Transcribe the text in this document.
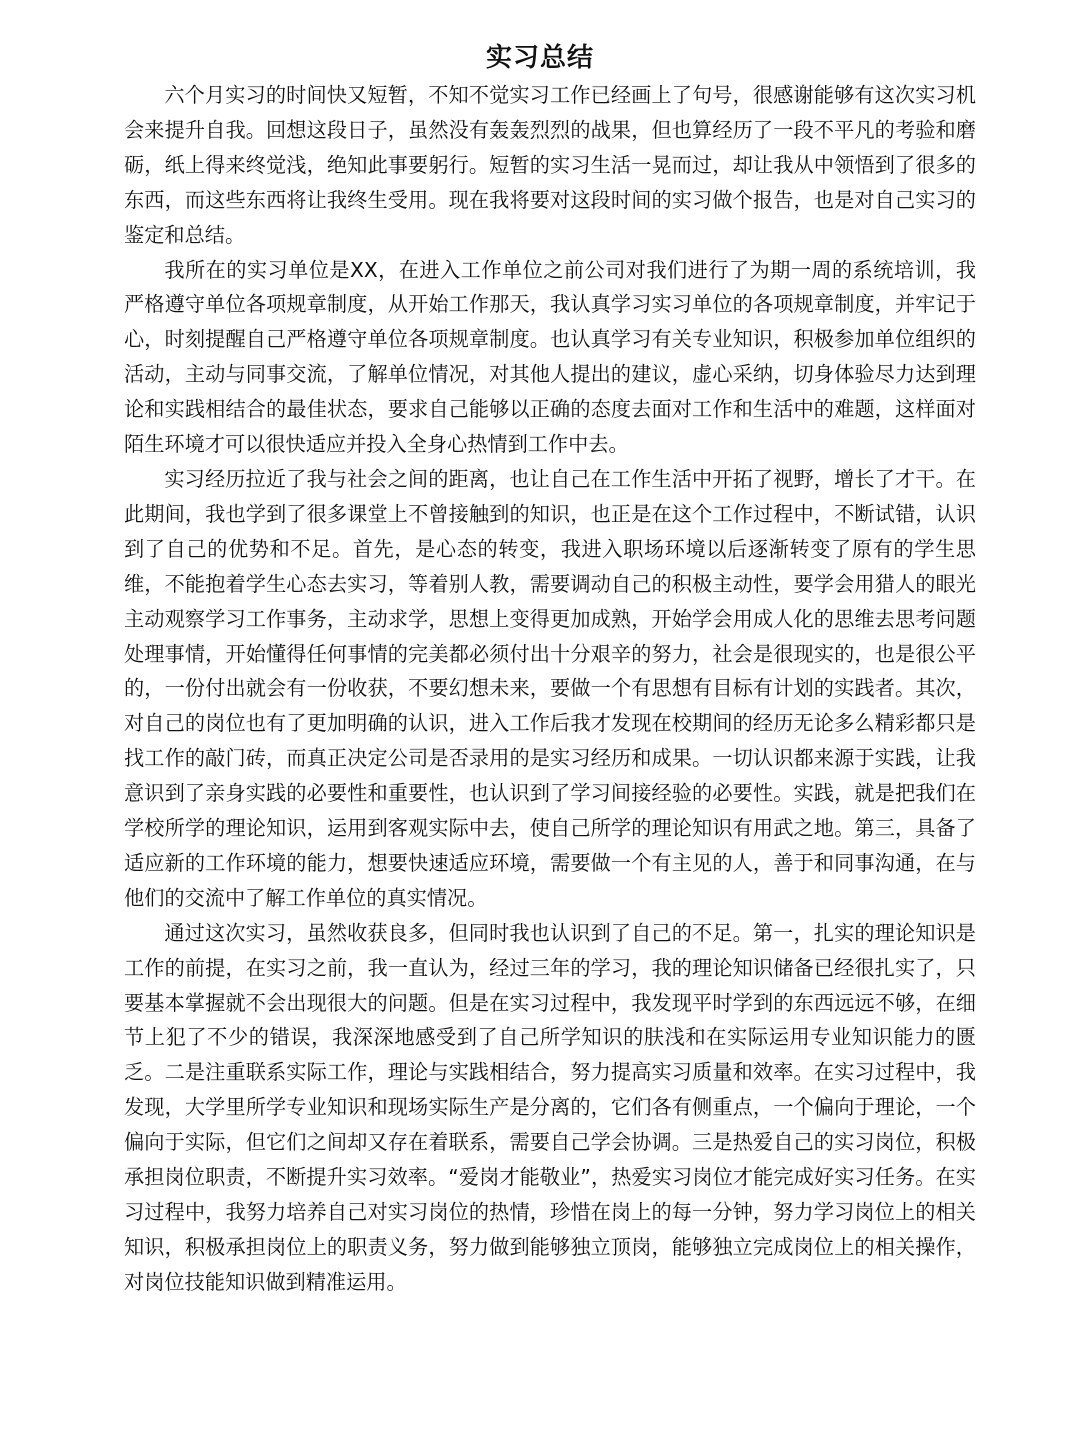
实习总结

六个月实习的时间快又短暂，不知不觉实习工作已经画上了句号，很感谢能够有这次实习机会来提升自我。回想这段日子，虽然没有轰轰烈烈的战果，但也算经历了一段不平凡的考验和磨砺，纸上得来终觉浅，绝知此事要躬行。短暂的实习生活一晃而过，却让我从中领悟到了很多的东西，而这些东西将让我终生受用。现在我将要对这段时间的实习做个报告，也是对自己实习的鉴定和总结。

我所在的实习单位是XX，在进入工作单位之前公司对我们进行了为期一周的系统培训，我严格遵守单位各项规章制度，从开始工作那天，我认真学习实习单位的各项规章制度，并牢记于心，时刻提醒自己严格遵守单位各项规章制度。也认真学习有关专业知识，积极参加单位组织的活动，主动与同事交流，了解单位情况，对其他人提出的建议，虚心采纳，切身体验尽力达到理论和实践相结合的最佳状态，要求自己能够以正确的态度去面对工作和生活中的难题，这样面对陌生环境才可以很快适应并投入全身心热情到工作中去。

实习经历拉近了我与社会之间的距离，也让自己在工作生活中开拓了视野，增长了才干。在此期间，我也学到了很多课堂上不曾接触到的知识，也正是在这个工作过程中，不断试错，认识到了自己的优势和不足。首先，是心态的转变，我进入职场环境以后逐渐转变了原有的学生思维，不能抱着学生心态去实习，等着别人教，需要调动自己的积极主动性，要学会用猎人的眼光主动观察学习工作事务，主动求学，思想上变得更加成熟，开始学会用成人化的思维去思考问题处理事情，开始懂得任何事情的完美都必须付出十分艰辛的努力，社会是很现实的，也是很公平的，一份付出就会有一份收获，不要幻想未来，要做一个有思想有目标有计划的实践者。其次，对自己的岗位也有了更加明确的认识，进入工作后我才发现在校期间的经历无论多么精彩都只是找工作的敲门砖，而真正决定公司是否录用的是实习经历和成果。一切认识都来源于实践，让我意识到了亲身实践的必要性和重要性，也认识到了学习间接经验的必要性。实践，就是把我们在学校所学的理论知识，运用到客观实际中去，使自己所学的理论知识有用武之地。第三，具备了适应新的工作环境的能力，想要快速适应环境，需要做一个有主见的人，善于和同事沟通，在与他们的交流中了解工作单位的真实情况。

通过这次实习，虽然收获良多，但同时我也认识到了自己的不足。第一，扎实的理论知识是工作的前提，在实习之前，我一直认为，经过三年的学习，我的理论知识储备已经很扎实了，只要基本掌握就不会出现很大的问题。但是在实习过程中，我发现平时学到的东西远远不够，在细节上犯了不少的错误，我深深地感受到了自己所学知识的肤浅和在实际运用专业知识能力的匮乏。二是注重联系实际工作，理论与实践相结合，努力提高实习质量和效率。在实习过程中，我发现，大学里所学专业知识和现场实际生产是分离的，它们各有侧重点，一个偏向于理论，一个偏向于实际，但它们之间却又存在着联系，需要自己学会协调。三是热爱自己的实习岗位，积极承担岗位职责，不断提升实习效率。“爱岗才能敬业”，热爱实习岗位才能完成好实习任务。在实习过程中，我努力培养自己对实习岗位的热情，珍惜在岗上的每一分钟，努力学习岗位上的相关知识，积极承担岗位上的职责义务，努力做到能够独立顶岗，能够独立完成岗位上的相关操作，对岗位技能知识做到精准运用。
